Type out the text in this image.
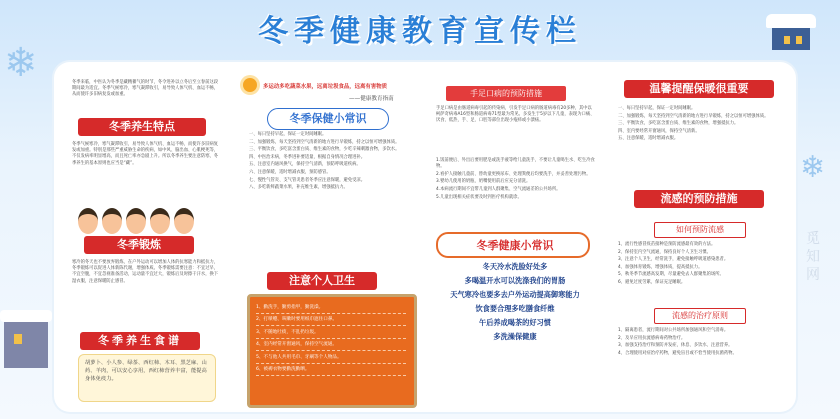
❄
❄
冬季健康教育宣传栏
冬季来临，中医认为冬季是藏精蓄气的时节，冬令进补以立冬后至立春前这段期间最为适宜。冬季气候寒冷，寒气凝滞收引，易导致人体气机、血运不畅，从而使许多旧病复发或加重。
冬季养生特点
冬季气候寒冷，寒气凝滞收引，易导致人体气机、血运不畅，而使许多旧病复发或加重。特别是那些严重威胁生命的疾病，如中风、脑出血、心肌梗死等，不仅发病率明显增高，而且死亡率亦急剧上升。所以冬季养生要注意防寒，冬季养生的基本原则也应当是“藏”。
冬季锻炼
寒冷的冬天也不要放弃锻炼，在户外运动可以增加人体的抗寒能力和抵抗力，冬季锻炼可以促进人体新陈代谢，增强体质。冬季锻炼需要注意：不宜过早，不宜空腹，不宜忽视准备活动，运动量不宜过大，锻炼后及时擦干汗水，换下湿衣服，注意保暖防止感冒。
冬季养生食谱
胡萝卜、小人参、绿茶、西红柿、木耳、黑芝麻、山药、羊肉，可以安心享用，西红柿营养丰富，能提高身体免疫力。
多运动多吃蔬菜水果，远离垃圾食品，远离有害物质
——健康教育指南
冬季保健小常识

一、每日坚持早起，保证一定时间睡眠。

二、加强锻炼，每天坚持到空气清新的地方进行早锻炼，持之以恒可增强体质。

三、平衡饮食，多吃富含蛋白质、维生素的食物，少吃辛辣刺激食物，多饮水。

四、中医治未病，冬季进补要适量，根据自身情况合理进补。

五、注意室内通风换气，保持空气清新，预防呼吸道疾病。

六、注意保暖，适时增减衣服，预防感冒。

七、慢性气管炎、支气管炎患者冬季应注意保暖，避免受凉。

八、多吃新鲜蔬菜水果，补充维生素，增强抵抗力。

注意个人卫生

1、勤洗手，勤剪指甲，勤洗澡。

2、打喷嚏、咳嗽时要用纸巾遮住口鼻。

3、不随地吐痰，不乱扔垃圾。

4、室内经常开窗通风，保持空气流通。

5、不与他人共用毛巾、牙刷等个人物品。

6、被褥衣物要勤洗勤晒。

手足口病的预防措施
手足口病是由肠道病毒引起的传染病，引发手足口病的肠道病毒有20多种，其中以柯萨奇病毒A16型和肠道病毒71型最为常见。多发生于5岁以下儿童，表现为口痛、厌食、低热，手、足、口腔等部位出现小疱疹或小溃疡。

1.饭前便后、外出后要用肥皂或洗手液等给儿童洗手，不要让儿童喝生水、吃生冷食物。

2.看护人接触儿童前、替幼童更换尿布、处理粪便后均要洗手，并妥善处理污物。

3.婴幼儿使用的奶瓶、奶嘴使用前后应充分清洗。

4.本病流行期间不宜带儿童到人群聚集、空气流通差的公共场所。

5.儿童出现相关症状要及时到医疗机构就诊。

冬季健康小常识
冬天冷水洗脸好处多
多喝温开水可以洗涤我们的胃肠
天气寒冷也要多去户外运动提高御寒能力
饮食要合理多吃膳食纤维
午后养成喝茶的好习惯
多洗澡保健康
温馨提醒保暖很重要

一、每日坚持早起，保证一定时间睡眠。

二、加强锻炼，每天坚持到空气清新的地方进行早锻炼，持之以恒可增强体质。

三、平衡饮食，多吃富含蛋白质、维生素的食物，增强抵抗力。

四、室内要经常开窗通风，保持空气清新。

五、注意保暖，适时增减衣服。

流感的预防措施
如何预防流感

1、流行性感冒疫苗接种是预防流感最有效的方法。

2、保持室内空气流通，保持良好个人卫生习惯。

3、注意个人卫生，经常洗手，避免接触呼吸道感染患者。

4、加强体育锻炼，增强体质，提高抵抗力。

5、秋冬季节流感高发期，尽量避免去人群聚集的场所。

6、避免过度劳累，保证充足睡眠。

流感的治疗原则

1、隔离患者，流行期间对公共场所加强通风和空气消毒。

2、及早应用抗流感病毒药物治疗。

3、加强支持治疗和预防并发症，休息、多饮水、注意营养。

4、合理使用对症治疗药物，避免盲目或不恰当使用抗菌药物。

觅知网
